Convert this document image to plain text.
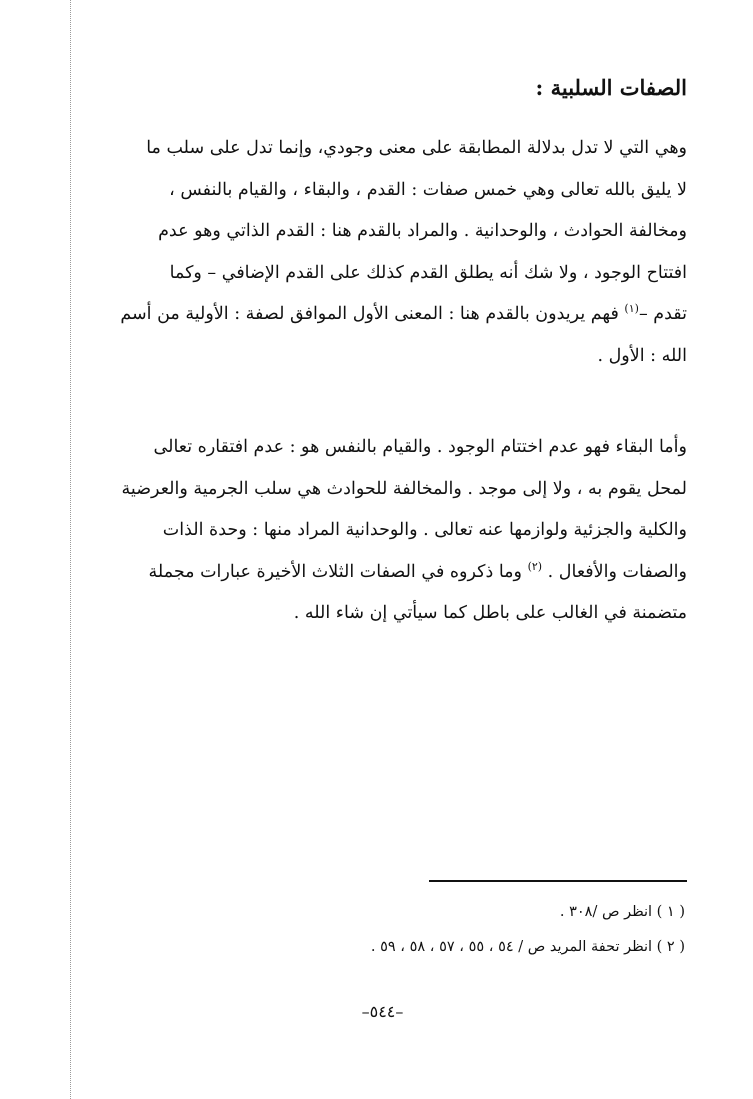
الصفات السلبية :

وهي التي لا تدل بدلالة المطابقة على معنى وجودي، وإنما تدل على سلب ما
لا يليق بالله تعالى وهي خمس صفات : القدم ، والبقاء ، والقيام بالنفس ،
ومخالفة الحوادث ، والوحدانية . والمراد بالقدم هنا : القدم الذاتي وهو عدم
افتتاح الوجود ، ولا شك أنه يطلق القدم كذلك على القدم الإضافي – وكما
تقدم –$^{(١)}$ فهم يريدون بالقدم هنا : المعنى الأول الموافق لصفة : الأولية من أسم
الله : الأول .

وأما البقاء فهو عدم اختتام الوجود . والقيام بالنفس هو : عدم افتقاره تعالى
لمحل يقوم به ، ولا إلى موجد . والمخالفة للحوادث هي سلب الجرمية والعرضية
والكلية والجزئية ولوازمها عنه تعالى . والوحدانية المراد منها : وحدة الذات
والصفات والأفعال . $^{(٢)}$ وما ذكروه في الصفات الثلاث الأخيرة عبارات مجملة
متضمنة في الغالب على باطل كما سيأتي إن شاء الله .

( ١ ) انظر ص /٣٠٨ .
( ٢ ) انظر تحفة المريد ص / ٥٤ ، ٥٥ ، ٥٧ ، ٥٨ ، ٥٩ .
–٥٤٤–
